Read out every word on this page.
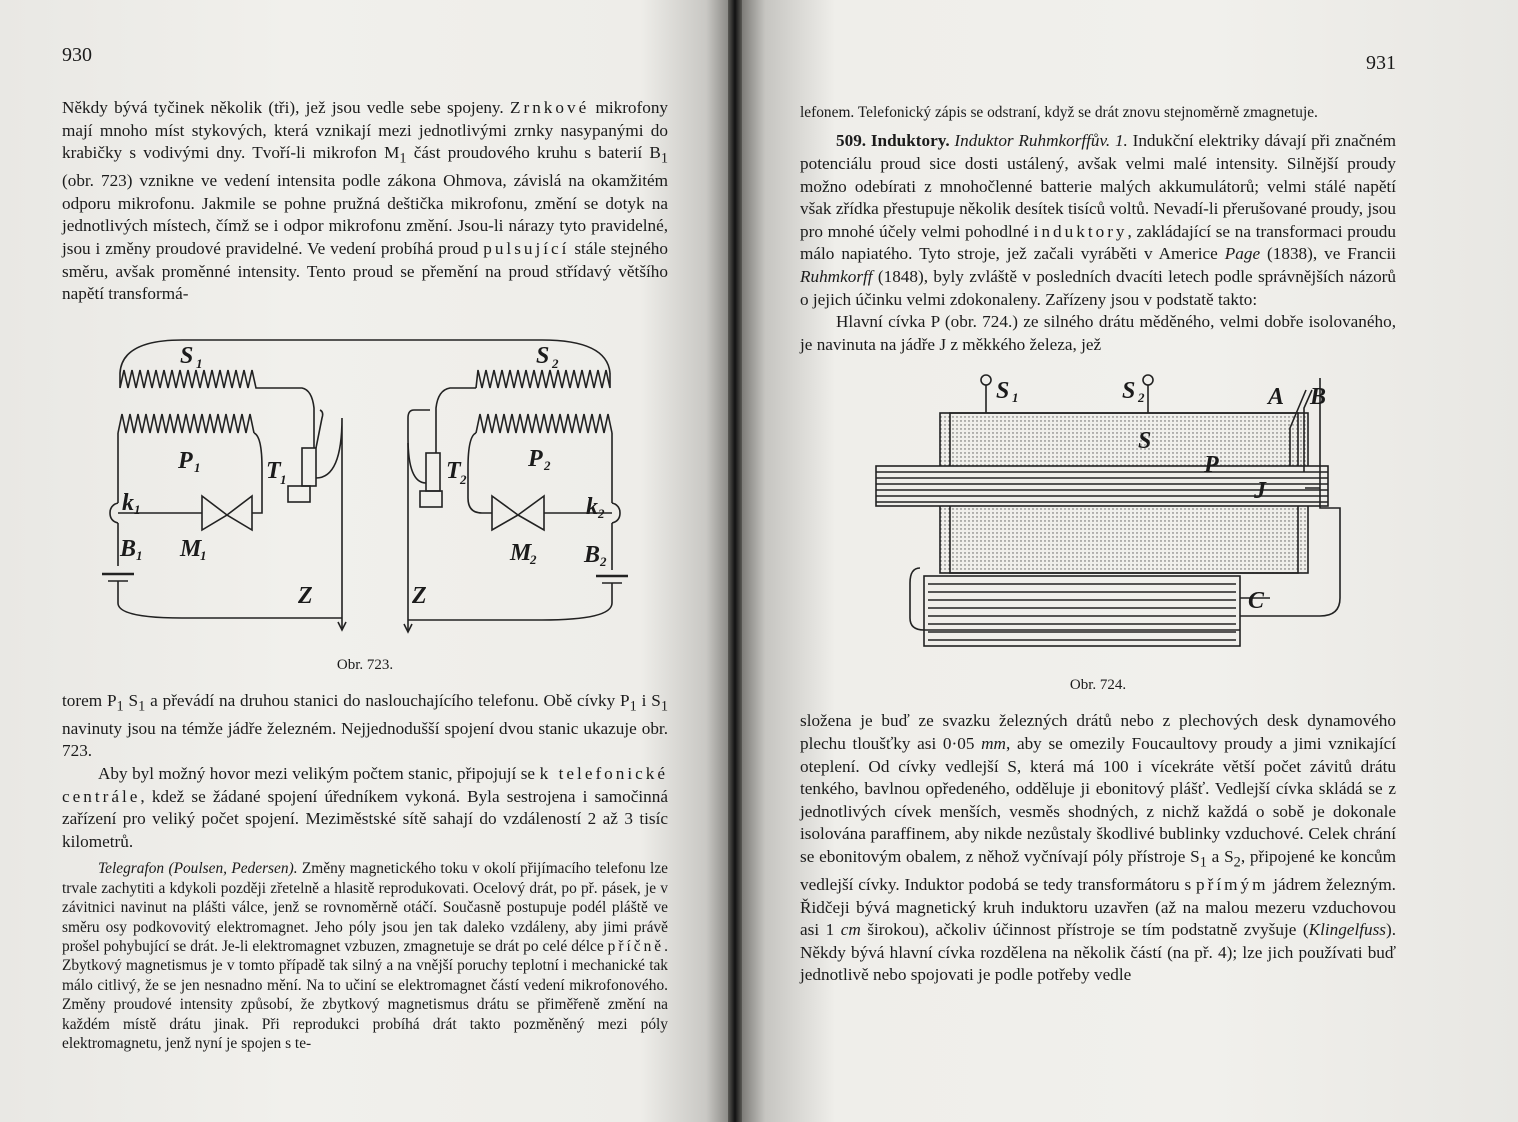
930

Někdy bývá tyčinek několik (tři), jež jsou vedle sebe spojeny. Zrnkové mikrofony mají mnoho míst stykových, která vznikají mezi jednotlivými zrnky nasypanými do krabičky s vodivými dny. Tvoří-li mikrofon $M_1$ část proudového kruhu s baterií $B_1$ (obr. 723) vznikne ve vedení intensita podle zákona Ohmova, závislá na okamžitém odporu mikrofonu. Jakmile se pohne pružná deštička mikrofonu, změní se dotyk na jednotlivých místech, čímž se i odpor mikrofonu změní. Jsou-li nárazy tyto pravidelné, jsou i změny proudové pravidelné. Ve vedení probíhá proud pulsující stále stejného směru, avšak proměnné intensity. Tento proud se přemění na proud střídavý většího napětí transformá-

S 1	S 2
P 1	P 2
T 1	T 2
k 1	k 2
M
1	M
2
B 1	B 2
Z	Z
Obr. 723.

torem $P_1$ $S_1$ a převádí na druhou stanici do naslouchajícího telefonu. Obě cívky $P_1$ i $S_1$ navinuty jsou na témže jádře železném. Nejjednodušší spojení dvou stanic ukazuje obr. 723.

Aby byl možný hovor mezi velikým počtem stanic, připojují se k telefonické centrále, kdež se žádané spojení úředníkem vykoná. Byla sestrojena i samočinná zařízení pro veliký počet spojení. Meziměstské sítě sahají do vzdáleností 2 až 3 tisíc kilometrů.

Telegrafon (Poulsen, Pedersen). Změny magnetického toku v okolí přijímacího telefonu lze trvale zachytiti a kdykoli později zřetelně a hlasitě reprodukovati. Ocelový drát, po př. pásek, je v závitnici navinut na plášti válce, jenž se rovnoměrně otáčí. Současně postupuje podél pláště ve směru osy podkovovitý elektromagnet. Jeho póly jsou jen tak daleko vzdáleny, aby jimi právě prošel pohybující se drát. Je-li elektromagnet vzbuzen, zmagnetuje se drát po celé délce příčně. Zbytkový magnetismus je v tomto případě tak silný a na vnější poruchy teplotní i mechanické tak málo citlivý, že se jen nesnadno mění. Na to učiní se elektromagnet částí vedení mikrofonového. Změny proudové intensity způsobí, že zbytkový magnetismus drátu se přiměřeně změní na každém místě drátu jinak. Při reprodukci probíhá drát takto pozměněný mezi póly elektromagnetu, jenž nyní je spojen s te-

931

lefonem. Telefonický zápis se odstraní, když se drát znovu stejnoměrně zmagnetuje.

509. Induktory. Induktor Ruhmkorffův. 1. Indukční elektriky dávají při značném potenciálu proud sice dosti ustálený, avšak velmi malé intensity. Silnější proudy možno odebírati z mnohočlenné batterie malých akkumulátorů; velmi stálé napětí však zřídka přestupuje několik desítek tisíců voltů. Nevadí-li přerušované proudy, jsou pro mnohé účely velmi pohodlné induktory, zakládající se na transformaci proudu málo napiatého. Tyto stroje, jež začali vyráběti v Americe Page (1838), ve Francii Ruhmkorff (1848), byly zvláště v posledních dvacíti letech podle správnějších názorů o jejich účinku velmi zdokonaleny. Zařízeny jsou v podstatě takto:

Hlavní cívka P (obr. 724.) ze silného drátu měděného, velmi dobře isolovaného, je navinuta na jádře J z měkkého železa, jež

S 1	S 2
S
P
J
A B
C
Obr. 724.

složena je buď ze svazku železných drátů nebo z plechových desk dynamového plechu tloušťky asi 0·05 mm, aby se omezily Foucaultovy proudy a jimi vznikající oteplení. Od cívky vedlejší S, která má 100 i vícekráte větší počet závitů drátu tenkého, bavlnou opředeného, odděluje ji ebonitový plášť. Vedlejší cívka skládá se z jednotlivých cívek menších, vesměs shodných, z nichž každá o sobě je dokonale isolována paraffinem, aby nikde nezůstaly škodlivé bublinky vzduchové. Celek chrání se ebonitovým obalem, z něhož vyčnívají póly přístroje $S_1$ a $S_2$, připojené ke koncům vedlejší cívky. Induktor podobá se tedy transformátoru s přímým jádrem železným. Řidčeji bývá magnetický kruh induktoru uzavřen (až na malou mezeru vzduchovou asi 1 cm širokou), ačkoliv účinnost přístroje se tím podstatně zvyšuje (Klingelfuss). Někdy bývá hlavní cívka rozdělena na několik částí (na př. 4); lze jich používati buď jednotlivě nebo spojovati je podle potřeby vedle
